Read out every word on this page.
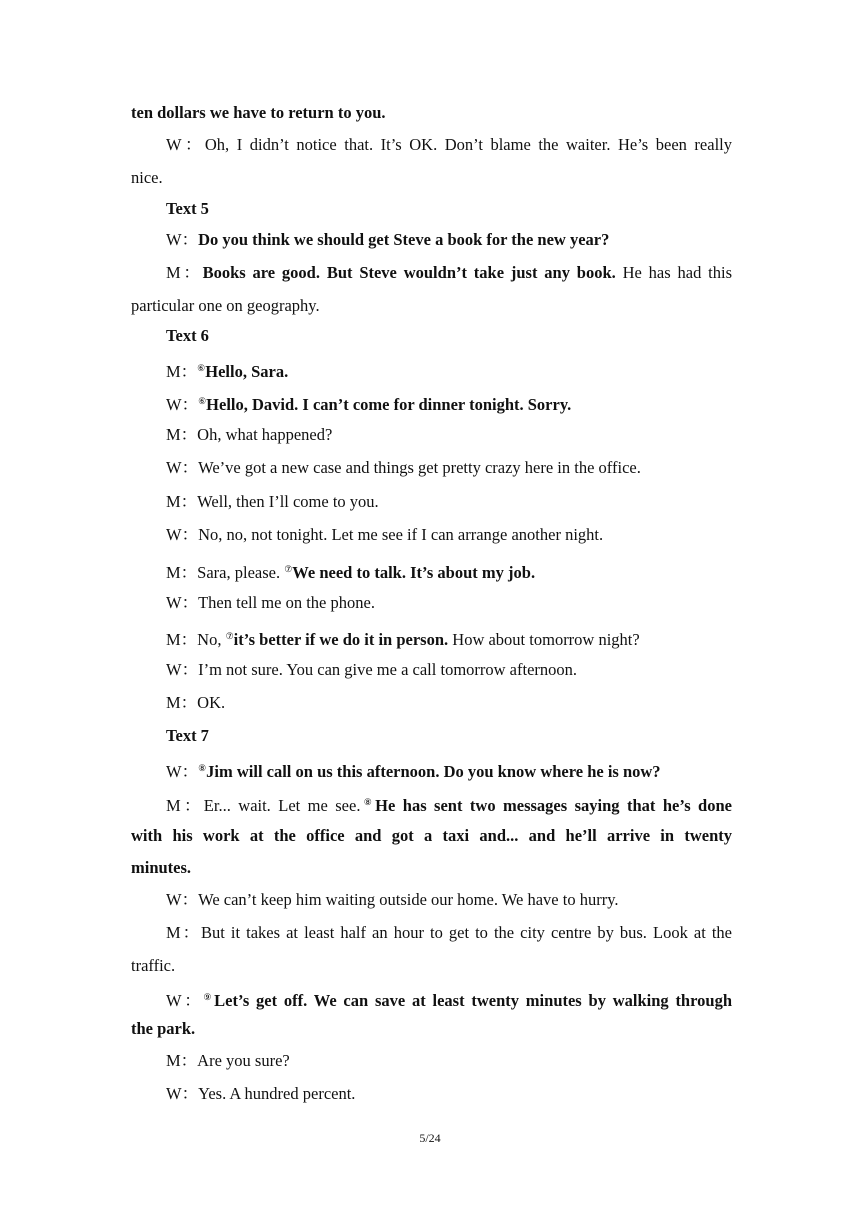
ten dollars we have to return to you.
W：Oh, I didn’t notice that. It’s OK. Don’t blame the waiter. He’s been really
nice.
Text 5
W：Do you think we should get Steve a book for the new year?
M：Books are good. But Steve wouldn’t take just any book. He has had this
particular one on geography.
Text 6
M：⑥Hello, Sara.
W：⑥Hello, David. I can’t come for dinner tonight. Sorry.
M：Oh, what happened?
W：We’ve got a new case and things get pretty crazy here in the office.
M：Well, then I’ll come to you.
W：No, no, not tonight. Let me see if I can arrange another night.
M：Sara, please. ⑦We need to talk. It’s about my job.
W：Then tell me on the phone.
M：No, ⑦it’s better if we do it in person. How about tomorrow night?
W：I’m not sure. You can give me a call tomorrow afternoon.
M：OK.
Text 7
W：⑧Jim will call on us this afternoon. Do you know where he is now?
M：Er... wait. Let me see.⑧He has sent two messages saying that he’s done
with his work at the office and got a taxi and... and he’ll arrive in twenty
minutes.
W：We can’t keep him waiting outside our home. We have to hurry.
M：But it takes at least half an hour to get to the city centre by bus. Look at the
traffic.
W：⑨Let’s get off. We can save at least twenty minutes by walking through
the park.
M：Are you sure?
W：Yes. A hundred percent.
5/24
